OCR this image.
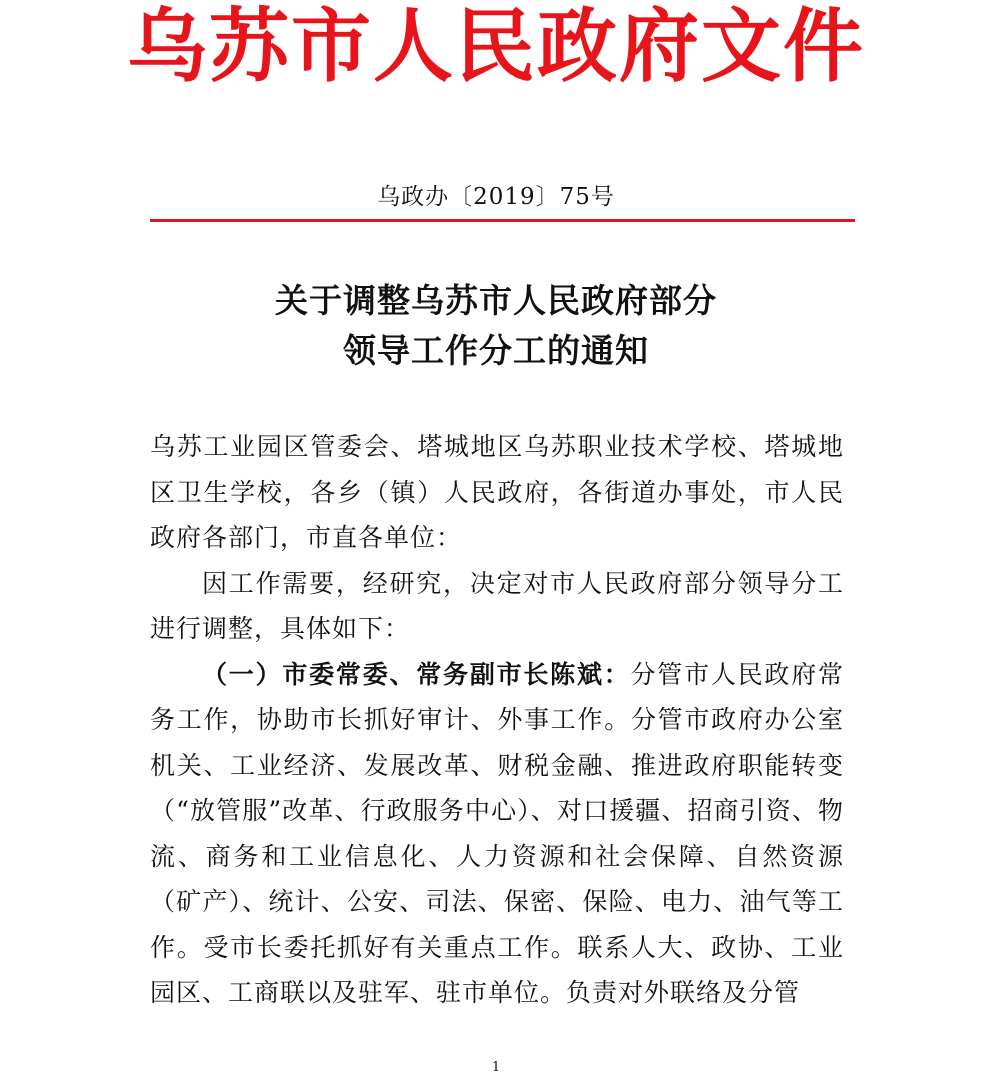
乌苏市人民政府文件
乌政办〔2019〕75号
关于调整乌苏市人民政府部分
领导工作分工的通知

乌苏工业园区管委会、塔城地区乌苏职业技术学校、塔城地区卫生学校，各乡（镇）人民政府，各街道办事处，市人民政府各部门，市直各单位：

因工作需要，经研究，决定对市人民政府部分领导分工进行调整，具体如下：

（一）市委常委、常务副市长陈斌：分管市人民政府常务工作，协助市长抓好审计、外事工作。分管市政府办公室机关、工业经济、发展改革、财税金融、推进政府职能转变（“放管服”改革、行政服务中心）、对口援疆、招商引资、物流、商务和工业信息化、人力资源和社会保障、自然资源（矿产）、统计、公安、司法、保密、保险、电力、油气等工作。受市长委托抓好有关重点工作。联系人大、政协、工业园区、工商联以及驻军、驻市单位。负责对外联络及分管

1
